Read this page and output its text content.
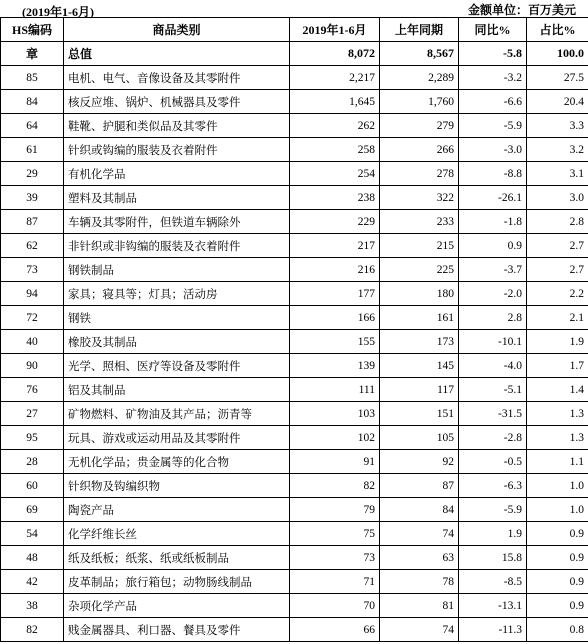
(2019年1-6月)	金额单位：百万美元
HS编码	商品类别	2019年1-6月	上年同期	同比%	占比%
章	总值	8,072	8,567	-5.8	100.0
85	电机、电气、音像设备及其零附件	2,217	2,289	-3.2	27.5
84	核反应堆、锅炉、机械器具及零件	1,645	1,760	-6.6	20.4
64	鞋靴、护腿和类似品及其零件	262	279	-5.9	3.3
61	针织或钩编的服装及衣着附件	258	266	-3.0	3.2
29	有机化学品	254	278	-8.8	3.1
39	塑料及其制品	238	322	-26.1	3.0
87	车辆及其零附件，但铁道车辆除外	229	233	-1.8	2.8
62	非针织或非钩编的服装及衣着附件	217	215	0.9	2.7
73	钢铁制品	216	225	-3.7	2.7
94	家具；寝具等；灯具；活动房	177	180	-2.0	2.2
72	钢铁	166	161	2.8	2.1
40	橡胶及其制品	155	173	-10.1	1.9
90	光学、照相、医疗等设备及零附件	139	145	-4.0	1.7
76	铝及其制品	111	117	-5.1	1.4
27	矿物燃料、矿物油及其产品；沥青等	103	151	-31.5	1.3
95	玩具、游戏或运动用品及其零附件	102	105	-2.8	1.3
28	无机化学品；贵金属等的化合物	91	92	-0.5	1.1
60	针织物及钩编织物	82	87	-6.3	1.0
69	陶瓷产品	79	84	-5.9	1.0
54	化学纤维长丝	75	74	1.9	0.9
48	纸及纸板；纸浆、纸或纸板制品	73	63	15.8	0.9
42	皮革制品；旅行箱包；动物肠线制品	71	78	-8.5	0.9
38	杂项化学产品	70	81	-13.1	0.9
82	贱金属器具、利口器、餐具及零件	66	74	-11.3	0.8
